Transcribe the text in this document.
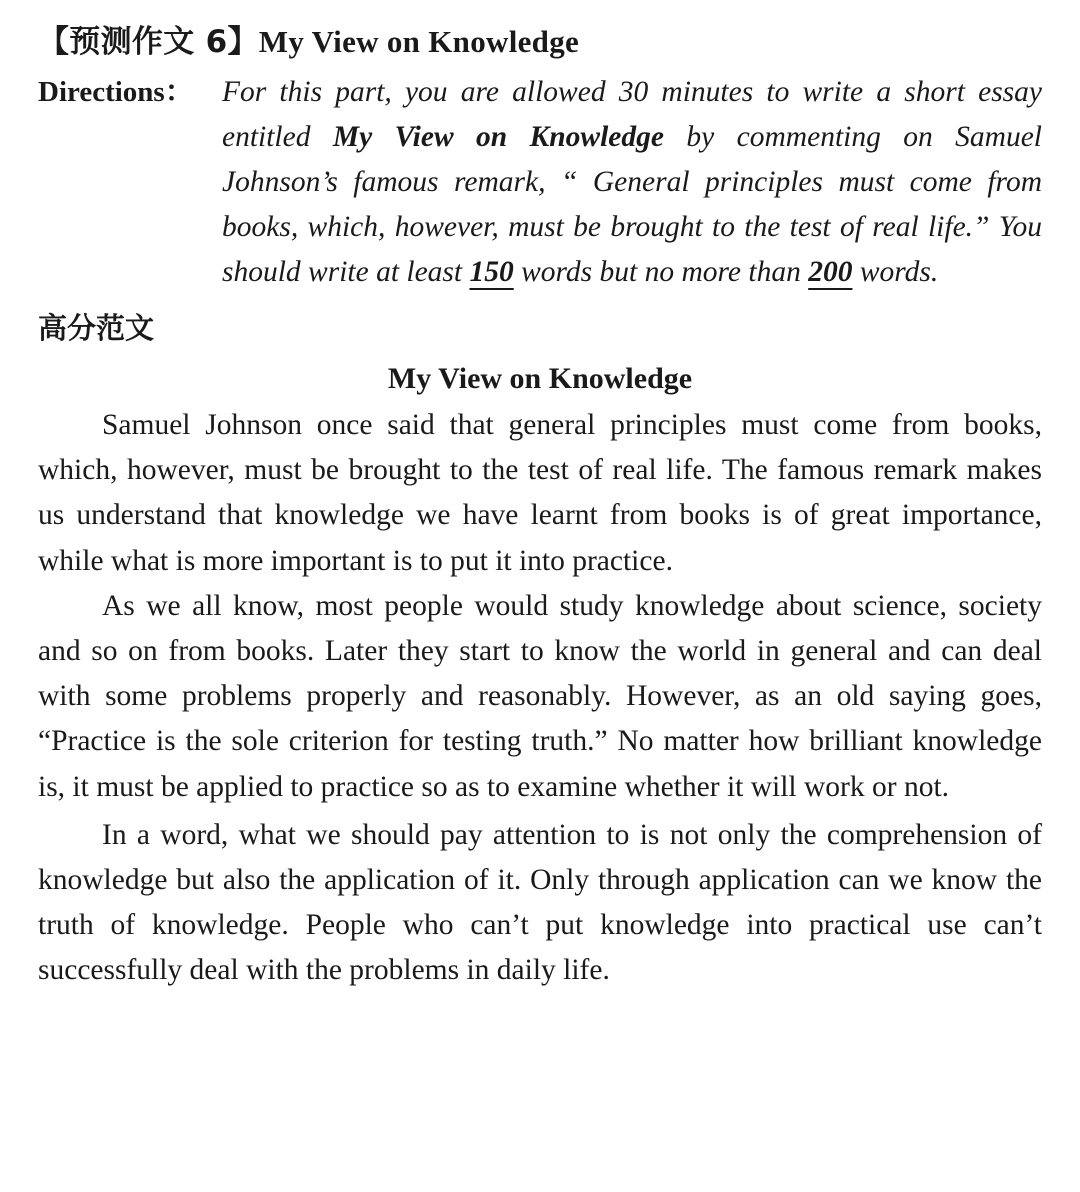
【预测作文 6】My View on Knowledge
Directions： For this part, you are allowed 30 minutes to write a short essay entitled My View on Knowledge by commenting on Samuel Johnson’s famous remark, “ General principles must come from books, which, however, must be brought to the test of real life.” You should write at least 150 words but no more than 200 words.
高分范文
My View on Knowledge

Samuel Johnson once said that general principles must come from books, which, however, must be brought to the test of real life. The famous remark makes us understand that knowledge we have learnt from books is of great importance, while what is more important is to put it into practice.

As we all know, most people would study knowledge about science, society and so on from books. Later they start to know the world in general and can deal with some problems properly and reasonably. However, as an old saying goes, “Practice is the sole criterion for testing truth.” No matter how brilliant knowledge is, it must be applied to practice so as to examine whether it will work or not.

In a word, what we should pay attention to is not only the comprehension of knowledge but also the application of it. Only through application can we know the truth of knowledge. People who can’t put knowledge into practical use can’t successfully deal with the problems in daily life.
